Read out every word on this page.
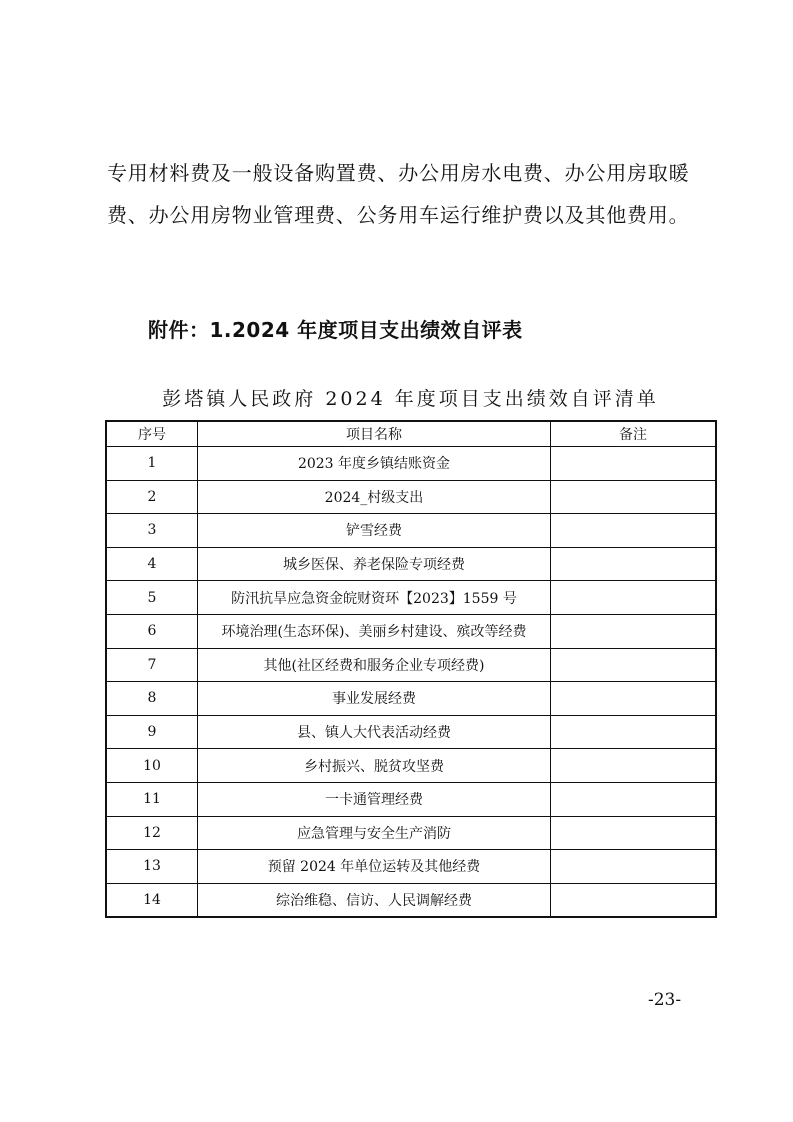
专用材料费及一般设备购置费、办公用房水电费、办公用房取暖
费、办公用房物业管理费、公务用车运行维护费以及其他费用。
附件：1.2024 年度项目支出绩效自评表
彭塔镇人民政府 2024 年度项目支出绩效自评清单
序号	项目名称	备注
1	2023 年度乡镇结账资金	
2	2024_村级支出	
3	铲雪经费	
4	城乡医保、养老保险专项经费	
5	防汛抗旱应急资金皖财资环【2023】1559 号	
6	环境治理(生态环保)、美丽乡村建设、殡改等经费	
7	其他(社区经费和服务企业专项经费)	
8	事业发展经费	
9	县、镇人大代表活动经费	
10	乡村振兴、脱贫攻坚费	
11	一卡通管理经费	
12	应急管理与安全生产消防	
13	预留 2024 年单位运转及其他经费	
14	综治维稳、信访、人民调解经费	
-23-
